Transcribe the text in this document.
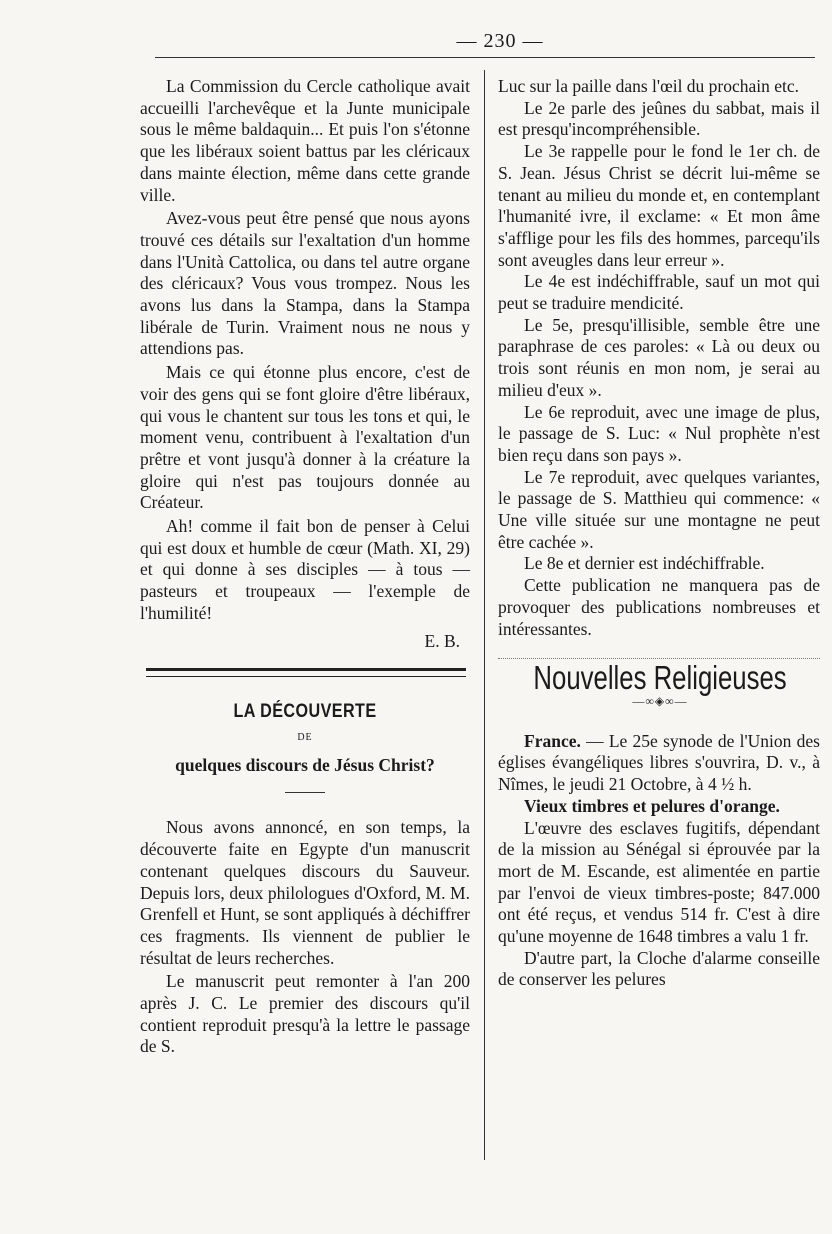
— 230 —

La Commission du Cercle catholique avait accueilli l'archevêque et la Junte municipale sous le même baldaquin... Et puis l'on s'étonne que les libéraux soient battus par les cléricaux dans mainte élection, même dans cette grande ville.

Avez-vous peut être pensé que nous ayons trouvé ces détails sur l'exaltation d'un homme dans l'Unità Cattolica, ou dans tel autre organe des cléricaux? Vous vous trompez. Nous les avons lus dans la Stampa, dans la Stampa libérale de Turin. Vraiment nous ne nous y attendions pas.

Mais ce qui étonne plus encore, c'est de voir des gens qui se font gloire d'être libéraux, qui vous le chantent sur tous les tons et qui, le moment venu, contribuent à l'exaltation d'un prêtre et vont jusqu'à donner à la créature la gloire qui n'est pas toujours donnée au Créateur.

Ah! comme il fait bon de penser à Celui qui est doux et humble de cœur (Math. XI, 29) et qui donne à ses disciples — à tous — pasteurs et troupeaux — l'exemple de l'humilité!

E. B.
LA DÉCOUVERTE
DE
quelques discours de Jésus Christ?

Nous avons annoncé, en son temps, la découverte faite en Egypte d'un manuscrit contenant quelques discours du Sauveur. Depuis lors, deux philologues d'Oxford, M. M. Grenfell et Hunt, se sont appliqués à déchiffrer ces fragments. Ils viennent de publier le résultat de leurs recherches.

Le manuscrit peut remonter à l'an 200 après J. C. Le premier des discours qu'il contient reproduit presqu'à la lettre le passage de S.

Luc sur la paille dans l'œil du prochain etc.

Le 2e parle des jeûnes du sabbat, mais il est presqu'incompréhensible.

Le 3e rappelle pour le fond le 1er ch. de S. Jean. Jésus Christ se décrit lui-même se tenant au milieu du monde et, en contemplant l'humanité ivre, il exclame: « Et mon âme s'afflige pour les fils des hommes, parcequ'ils sont aveugles dans leur erreur ».

Le 4e est indéchiffrable, sauf un mot qui peut se traduire mendicité.

Le 5e, presqu'illisible, semble être une paraphrase de ces paroles: « Là ou deux ou trois sont réunis en mon nom, je serai au milieu d'eux ».

Le 6e reproduit, avec une image de plus, le passage de S. Luc: « Nul prophète n'est bien reçu dans son pays ».

Le 7e reproduit, avec quelques variantes, le passage de S. Matthieu qui commence: « Une ville située sur une montagne ne peut être cachée ».

Le 8e et dernier est indéchiffrable.

Cette publication ne manquera pas de provoquer des publications nombreuses et intéressantes.

Nouvelles Religieuses
— ∞ ◈ ∞ —

France. — Le 25e synode de l'Union des églises évangéliques libres s'ouvrira, D. v., à Nîmes, le jeudi 21 Octobre, à 4 ½ h.

Vieux timbres et pelures d'orange.

L'œuvre des esclaves fugitifs, dépendant de la mission au Sénégal si éprouvée par la mort de M. Escande, est alimentée en partie par l'envoi de vieux timbres-poste; 847.000 ont été reçus, et vendus 514 fr. C'est à dire qu'une moyenne de 1648 timbres a valu 1 fr.

D'autre part, la Cloche d'alarme conseille de conserver les pelures
